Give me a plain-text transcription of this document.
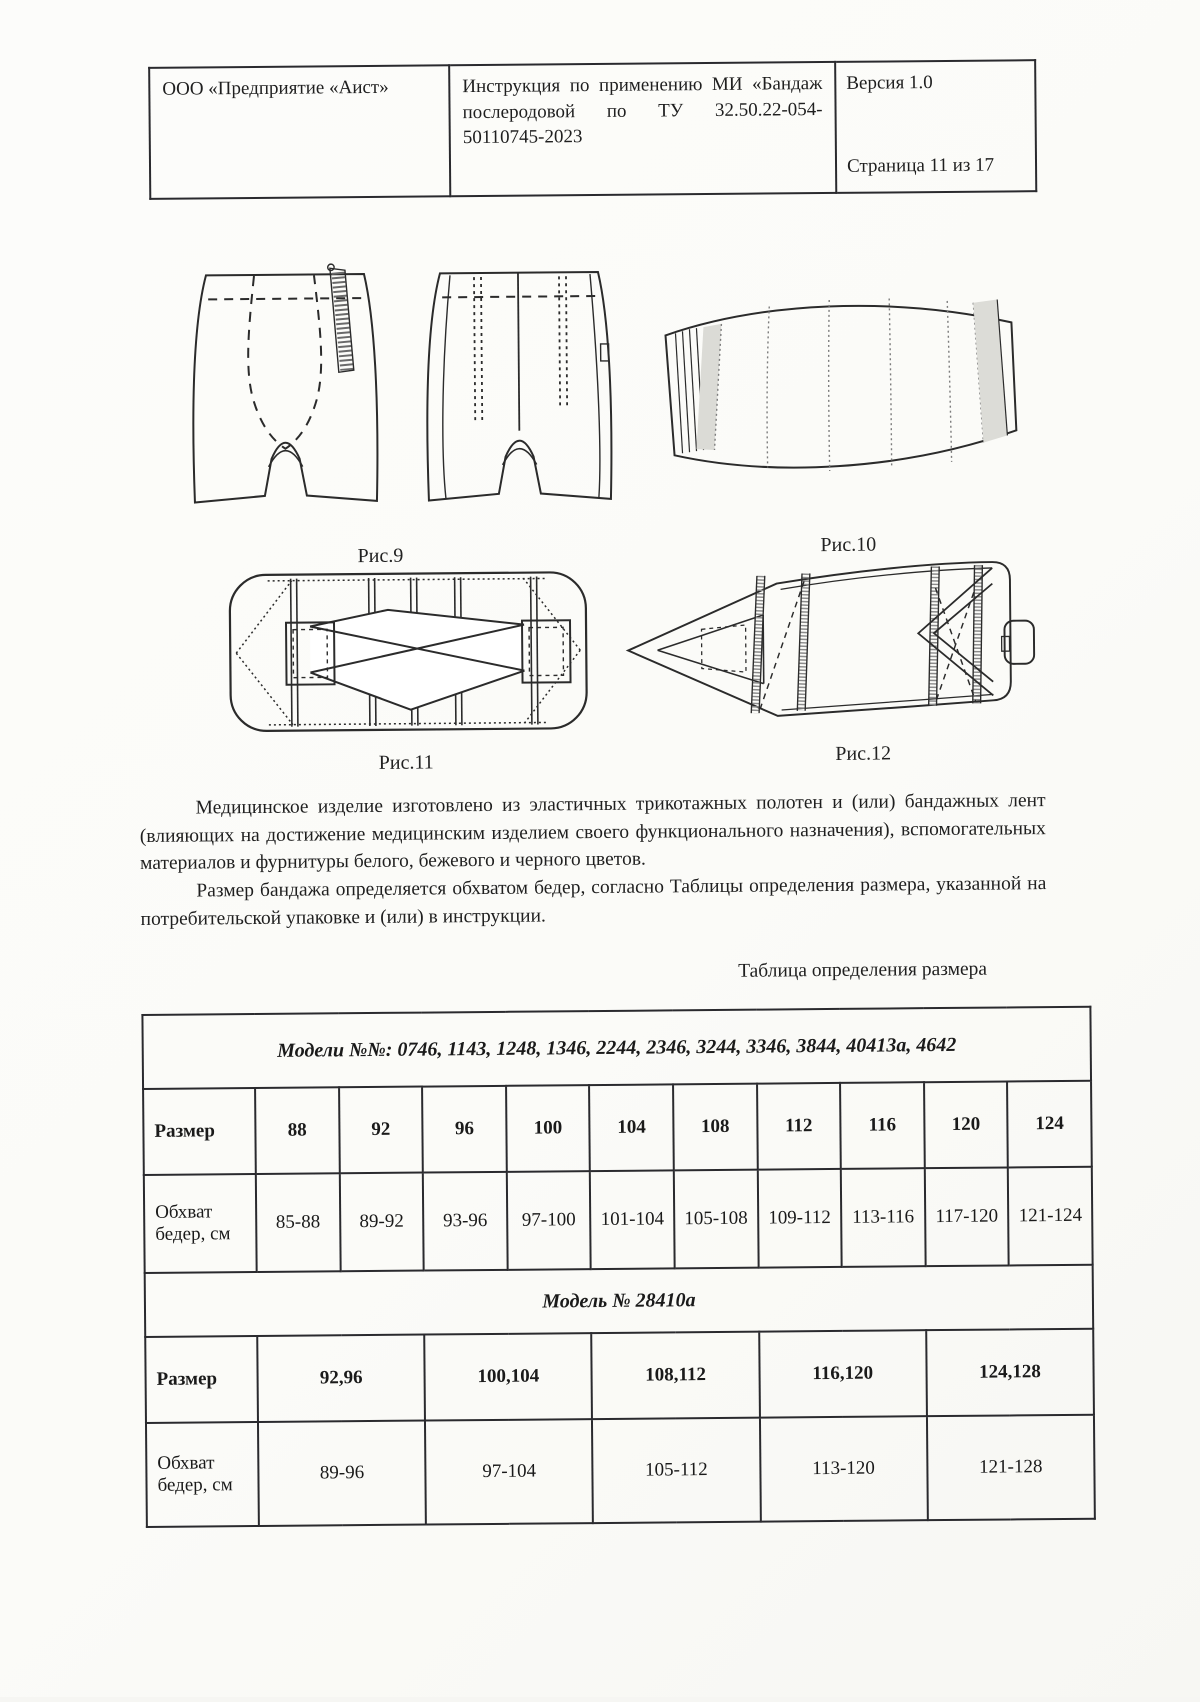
ООО «Предприятие «Аист»	Инструкция по применению МИ «Бандаж послеродовой по ТУ 32.50.22-054-50110745-2023	
Версия 1.0
Страница 11 из 17
Рис.9	Рис.10
Рис.11	Рис.12

Медицинское изделие изготовлено из эластичных трикотажных полотен и (или) бандажных лент (влияющих на достижение медицинским изделием своего функционального назначения), вспомогательных материалов и фурнитуры белого, бежевого и черного цветов.

Размер бандажа определяется обхватом бедер, согласно Таблицы определения размера, указанной на потребительской упаковке и (или) в инструкции.

Таблица определения размера
Модели №№: 0746, 1143, 1248, 1346, 2244, 2346, 3244, 3346, 3844, 40413а, 4642										
Размер	88	92	96	100	104	108	112	116	120	124
Обхват бедер, см	85-88	89-92	93-96	97-100	101-104	105-108	109-112	113-116	117-120	121-124
Модель № 28410а										
Размер	92,96		100,104		108,112		116,120		124,128	
Обхват бедер, см	89-96		97-104		105-112		113-120		121-128	
